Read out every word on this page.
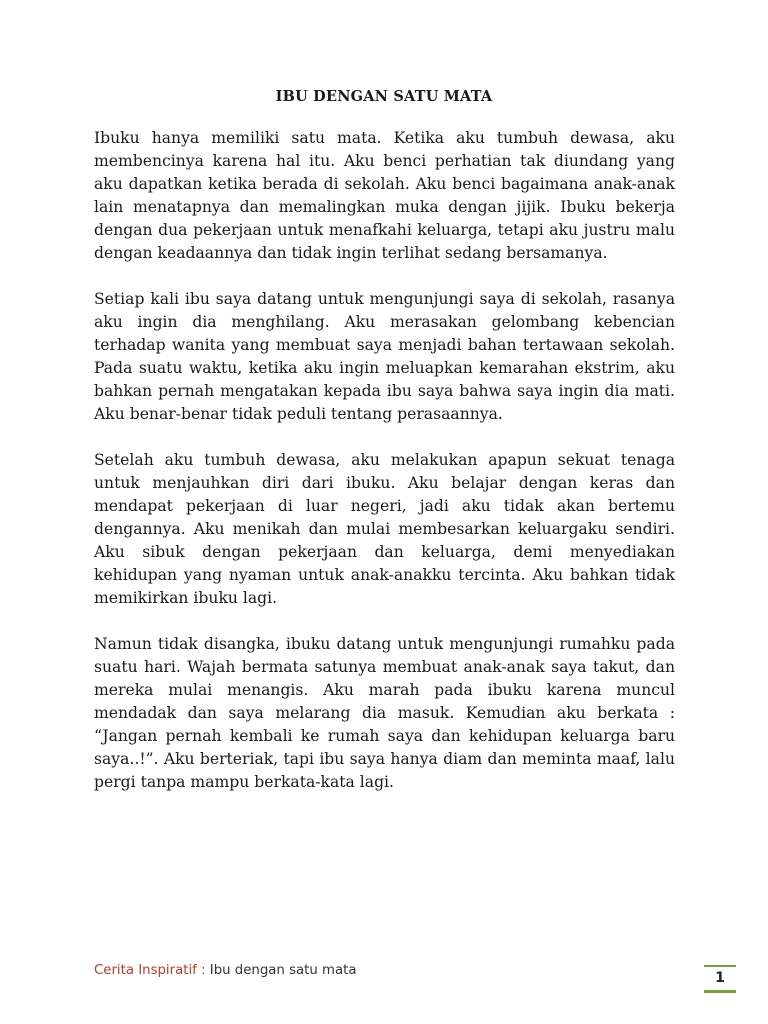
IBU DENGAN SATU MATA

Ibuku hanya memiliki satu mata. Ketika aku tumbuh dewasa, aku membencinya karena hal itu. Aku benci perhatian tak diundang yang aku dapatkan ketika berada di sekolah. Aku benci bagaimana anak-anak lain menatapnya dan memalingkan muka dengan jijik. Ibuku bekerja dengan dua pekerjaan untuk menafkahi keluarga, tetapi aku justru malu dengan keadaannya dan tidak ingin terlihat sedang bersamanya.

Setiap kali ibu saya datang untuk mengunjungi saya di sekolah, rasanya aku ingin dia menghilang. Aku merasakan gelombang kebencian terhadap wanita yang membuat saya menjadi bahan tertawaan sekolah. Pada suatu waktu, ketika aku ingin meluapkan kemarahan ekstrim, aku bahkan pernah mengatakan kepada ibu saya bahwa saya ingin dia mati. Aku benar-benar tidak peduli tentang perasaannya.

Setelah aku tumbuh dewasa, aku melakukan apapun sekuat tenaga untuk menjauhkan diri dari ibuku. Aku belajar dengan keras dan mendapat pekerjaan di luar negeri, jadi aku tidak akan bertemu dengannya. Aku menikah dan mulai membesarkan keluargaku sendiri. Aku sibuk dengan pekerjaan dan keluarga, demi menyediakan kehidupan yang nyaman untuk anak-anakku tercinta. Aku bahkan tidak memikirkan ibuku lagi.

Namun tidak disangka, ibuku datang untuk mengunjungi rumahku pada suatu hari. Wajah bermata satunya membuat anak-anak saya takut, dan mereka mulai menangis. Aku marah pada ibuku karena muncul mendadak dan saya melarang dia masuk. Kemudian aku berkata : “Jangan pernah kembali ke rumah saya dan kehidupan keluarga baru saya..!”. Aku berteriak, tapi ibu saya hanya diam dan meminta maaf, lalu pergi tanpa mampu berkata-kata lagi.

Cerita Inspiratif : Ibu dengan satu mata	1
